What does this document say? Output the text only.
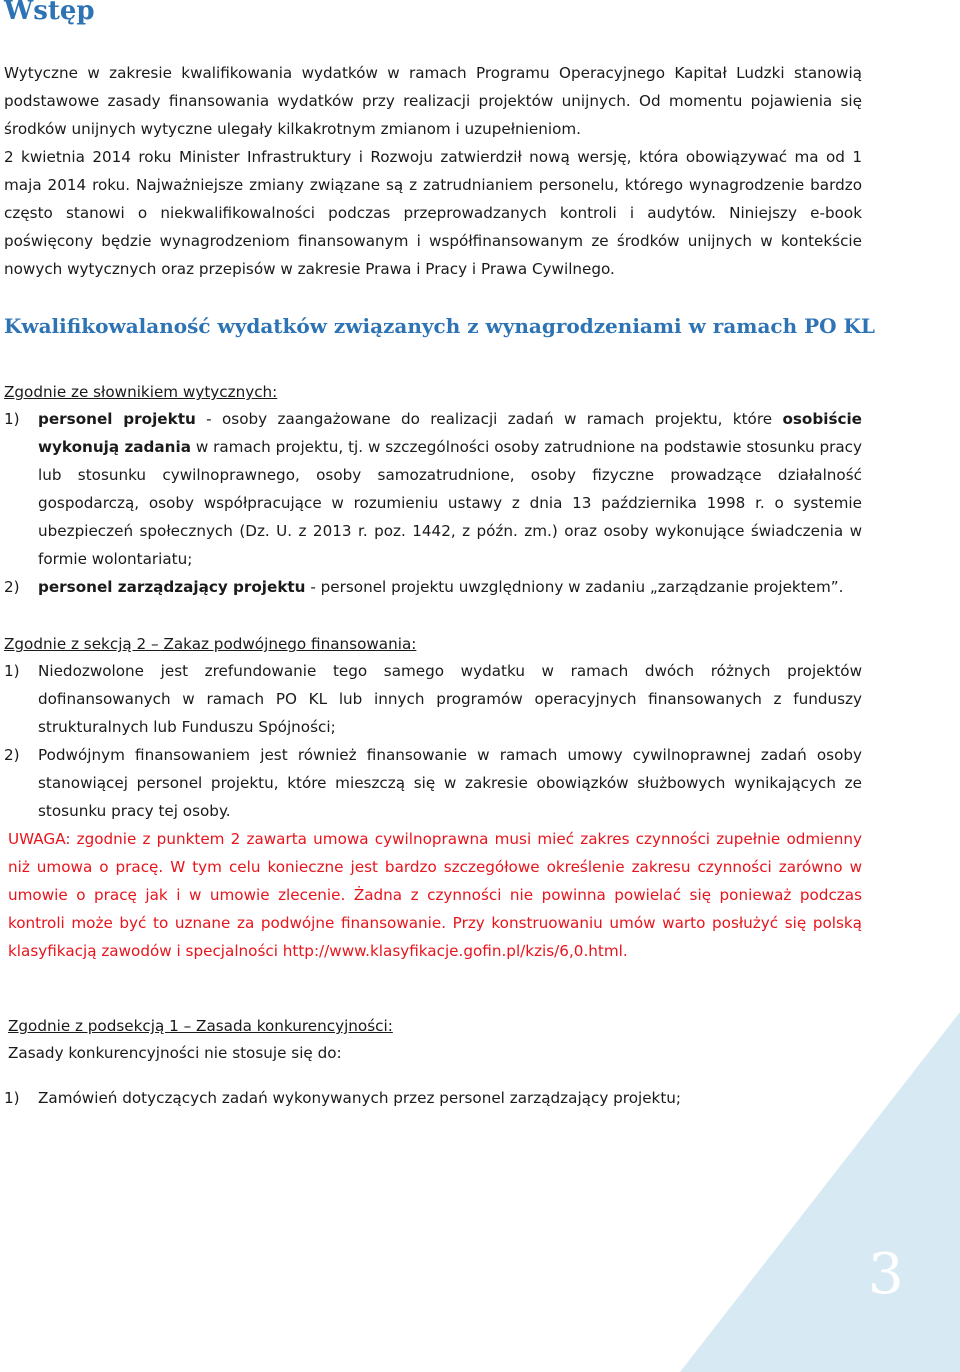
3
Wstęp

Wytyczne w zakresie kwalifikowania wydatków w ramach Programu Operacyjnego Kapitał Ludzki stanowią podstawowe zasady finansowania wydatków przy realizacji projektów unijnych. Od momentu pojawienia się środków unijnych wytyczne ulegały kilkakrotnym zmianom i uzupełnieniom.

2 kwietnia 2014 roku Minister Infrastruktury i Rozwoju zatwierdził nową wersję, która obowiązywać ma od 1 maja 2014 roku. Najważniejsze zmiany związane są z zatrudnianiem personelu, którego wynagrodzenie bardzo często stanowi o niekwalifikowalności podczas przeprowadzanych kontroli i audytów. Niniejszy e-book poświęcony będzie wynagrodzeniom finansowanym i współfinansowanym ze środków unijnych w kontekście nowych wytycznych oraz przepisów w zakresie Prawa i Pracy i Prawa Cywilnego.

Kwalifikowalaność wydatków związanych z wynagrodzeniami w ramach PO KL
Zgodnie ze słownikiem wytycznych:
1)	personel projektu - osoby zaangażowane do realizacji zadań w ramach projektu, które osobiście wykonują zadania w ramach projektu, tj. w szczególności osoby zatrudnione na podstawie stosunku pracy lub stosunku cywilnoprawnego, osoby samozatrudnione, osoby fizyczne prowadzące działalność gospodarczą, osoby współpracujące w rozumieniu ustawy z dnia 13 października 1998 r. o systemie ubezpieczeń społecznych (Dz. U. z 2013 r. poz. 1442, z późn. zm.) oraz osoby wykonujące świadczenia w formie wolontariatu;
2)	personel zarządzający projektu - personel projektu uwzględniony w zadaniu „zarządzanie projektem”.
Zgodnie z sekcją 2 – Zakaz podwójnego finansowania:
1)	Niedozwolone jest zrefundowanie tego samego wydatku w ramach dwóch różnych projektów dofinansowanych w ramach PO KL lub innych programów operacyjnych finansowanych z funduszy strukturalnych lub Funduszu Spójności;
2)	Podwójnym finansowaniem jest również finansowanie w ramach umowy cywilnoprawnej zadań osoby stanowiącej personel projektu, które mieszczą się w zakresie obowiązków służbowych wynikających ze stosunku pracy tej osoby.
UWAGA: zgodnie z punktem 2 zawarta umowa cywilnoprawna musi mieć zakres czynności zupełnie odmienny niż umowa o pracę. W tym celu konieczne jest bardzo szczegółowe określenie zakresu czynności zarówno w umowie o pracę jak i w umowie zlecenie. Żadna z czynności nie powinna powielać się ponieważ podczas kontroli może być to uznane za podwójne finansowanie. Przy konstruowaniu umów warto posłużyć się polską klasyfikacją zawodów i specjalności http://www.klasyfikacje.gofin.pl/kzis/6,0.html.
Zgodnie z podsekcją 1 – Zasada konkurencyjności:
Zasady konkurencyjności nie stosuje się do:
1)	Zamówień dotyczących zadań wykonywanych przez personel zarządzający projektu;
